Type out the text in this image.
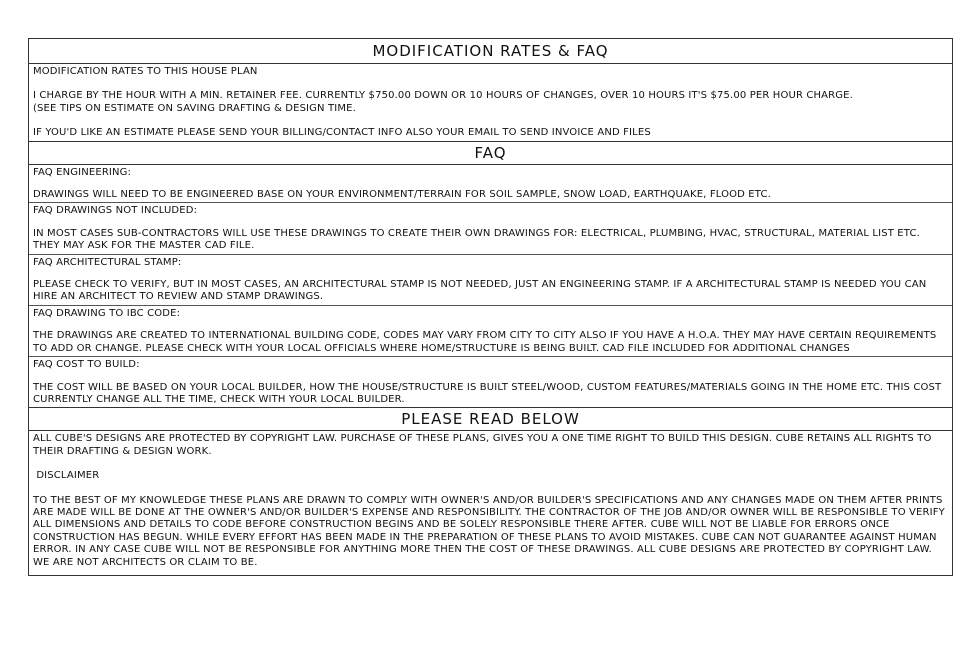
MODIFICATION RATES & FAQ

MODIFICATION RATES TO THIS HOUSE PLAN

I CHARGE BY THE HOUR WITH A MIN. RETAINER FEE. CURRENTLY $750.00 DOWN OR 10 HOURS OF CHANGES, OVER 10 HOURS IT'S $75.00 PER HOUR CHARGE.

(SEE TIPS ON ESTIMATE ON SAVING DRAFTING & DESIGN TIME.

IF YOU'D LIKE AN ESTIMATE PLEASE SEND YOUR BILLING/CONTACT INFO ALSO YOUR EMAIL TO SEND INVOICE AND FILES

FAQ

FAQ ENGINEERING:

DRAWINGS WILL NEED TO BE ENGINEERED BASE ON YOUR ENVIRONMENT/TERRAIN FOR SOIL SAMPLE, SNOW LOAD, EARTHQUAKE, FLOOD ETC.

FAQ DRAWINGS NOT INCLUDED:

IN MOST CASES SUB-CONTRACTORS WILL USE THESE DRAWINGS TO CREATE THEIR OWN DRAWINGS FOR: ELECTRICAL, PLUMBING, HVAC, STRUCTURAL, MATERIAL LIST ETC. THEY MAY ASK FOR THE MASTER CAD FILE.

FAQ ARCHITECTURAL STAMP:

PLEASE CHECK TO VERIFY, BUT IN MOST CASES, AN ARCHITECTURAL STAMP IS NOT NEEDED, JUST AN ENGINEERING STAMP. IF A ARCHITECTURAL STAMP IS NEEDED YOU CAN HIRE AN ARCHITECT TO REVIEW AND STAMP DRAWINGS.

FAQ DRAWING TO IBC CODE:

THE DRAWINGS ARE CREATED TO INTERNATIONAL BUILDING CODE, CODES MAY VARY FROM CITY TO CITY ALSO IF YOU HAVE A H.O.A. THEY MAY HAVE CERTAIN REQUIREMENTS TO ADD OR CHANGE. PLEASE CHECK WITH YOUR LOCAL OFFICIALS WHERE HOME/STRUCTURE IS BEING BUILT. CAD FILE INCLUDED FOR ADDITIONAL CHANGES

FAQ COST TO BUILD:

THE COST WILL BE BASED ON YOUR LOCAL BUILDER, HOW THE HOUSE/STRUCTURE IS BUILT STEEL/WOOD, CUSTOM FEATURES/MATERIALS GOING IN THE HOME ETC. THIS COST CURRENTLY CHANGE ALL THE TIME, CHECK WITH YOUR LOCAL BUILDER.

PLEASE READ BELOW

ALL CUBE'S DESIGNS ARE PROTECTED BY COPYRIGHT LAW. PURCHASE OF THESE PLANS, GIVES YOU A ONE TIME RIGHT TO BUILD THIS DESIGN. CUBE RETAINS ALL RIGHTS TO THEIR DRAFTING & DESIGN WORK.

DISCLAIMER

TO THE BEST OF MY KNOWLEDGE THESE PLANS ARE DRAWN TO COMPLY WITH OWNER'S AND/OR BUILDER'S SPECIFICATIONS AND ANY CHANGES MADE ON THEM AFTER PRINTS ARE MADE WILL BE DONE AT THE OWNER'S AND/OR BUILDER'S EXPENSE AND RESPONSIBILITY. THE CONTRACTOR OF THE JOB AND/OR OWNER WILL BE RESPONSIBLE TO VERIFY ALL DIMENSIONS AND DETAILS TO CODE BEFORE CONSTRUCTION BEGINS AND BE SOLELY RESPONSIBLE THERE AFTER. CUBE WILL NOT BE LIABLE FOR ERRORS ONCE CONSTRUCTION HAS BEGUN. WHILE EVERY EFFORT HAS BEEN MADE IN THE PREPARATION OF THESE PLANS TO AVOID MISTAKES. CUBE CAN NOT GUARANTEE AGAINST HUMAN ERROR. IN ANY CASE CUBE WILL NOT BE RESPONSIBLE FOR ANYTHING MORE THEN THE COST OF THESE DRAWINGS. ALL CUBE DESIGNS ARE PROTECTED BY COPYRIGHT LAW. WE ARE NOT ARCHITECTS OR CLAIM TO BE.
